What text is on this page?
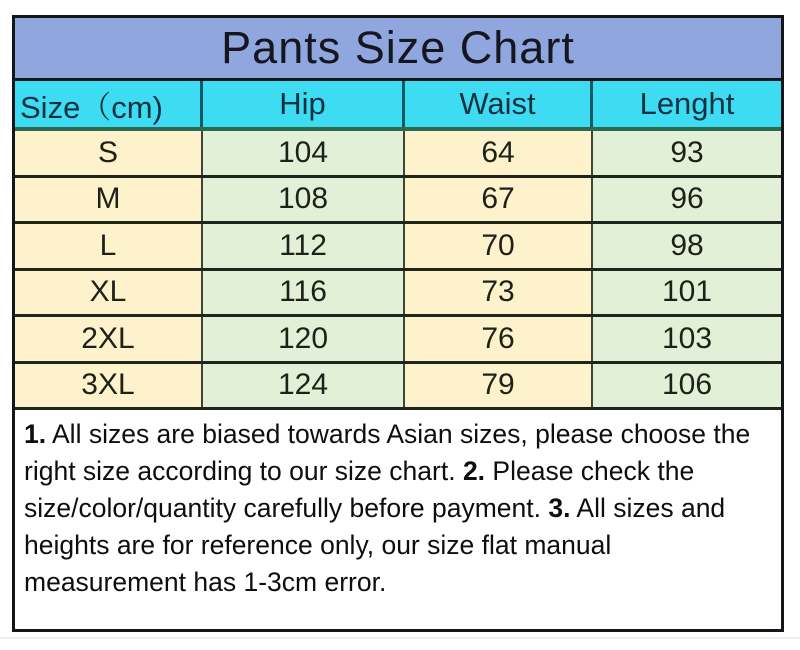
Pants Size Chart
Size（cm)	Hip	Waist	Lenght
S	104	64	93
M	108	67	96
L	112	70	98
XL	116	73	101
2XL	120	76	103
3XL	124	79	106
1. All sizes are biased towards Asian sizes, please choose the right size according to our size chart. 2. Please check the size/color/quantity carefully before payment. 3. All sizes and heights are for reference only, our size flat manual measurement has 1-3cm error.
